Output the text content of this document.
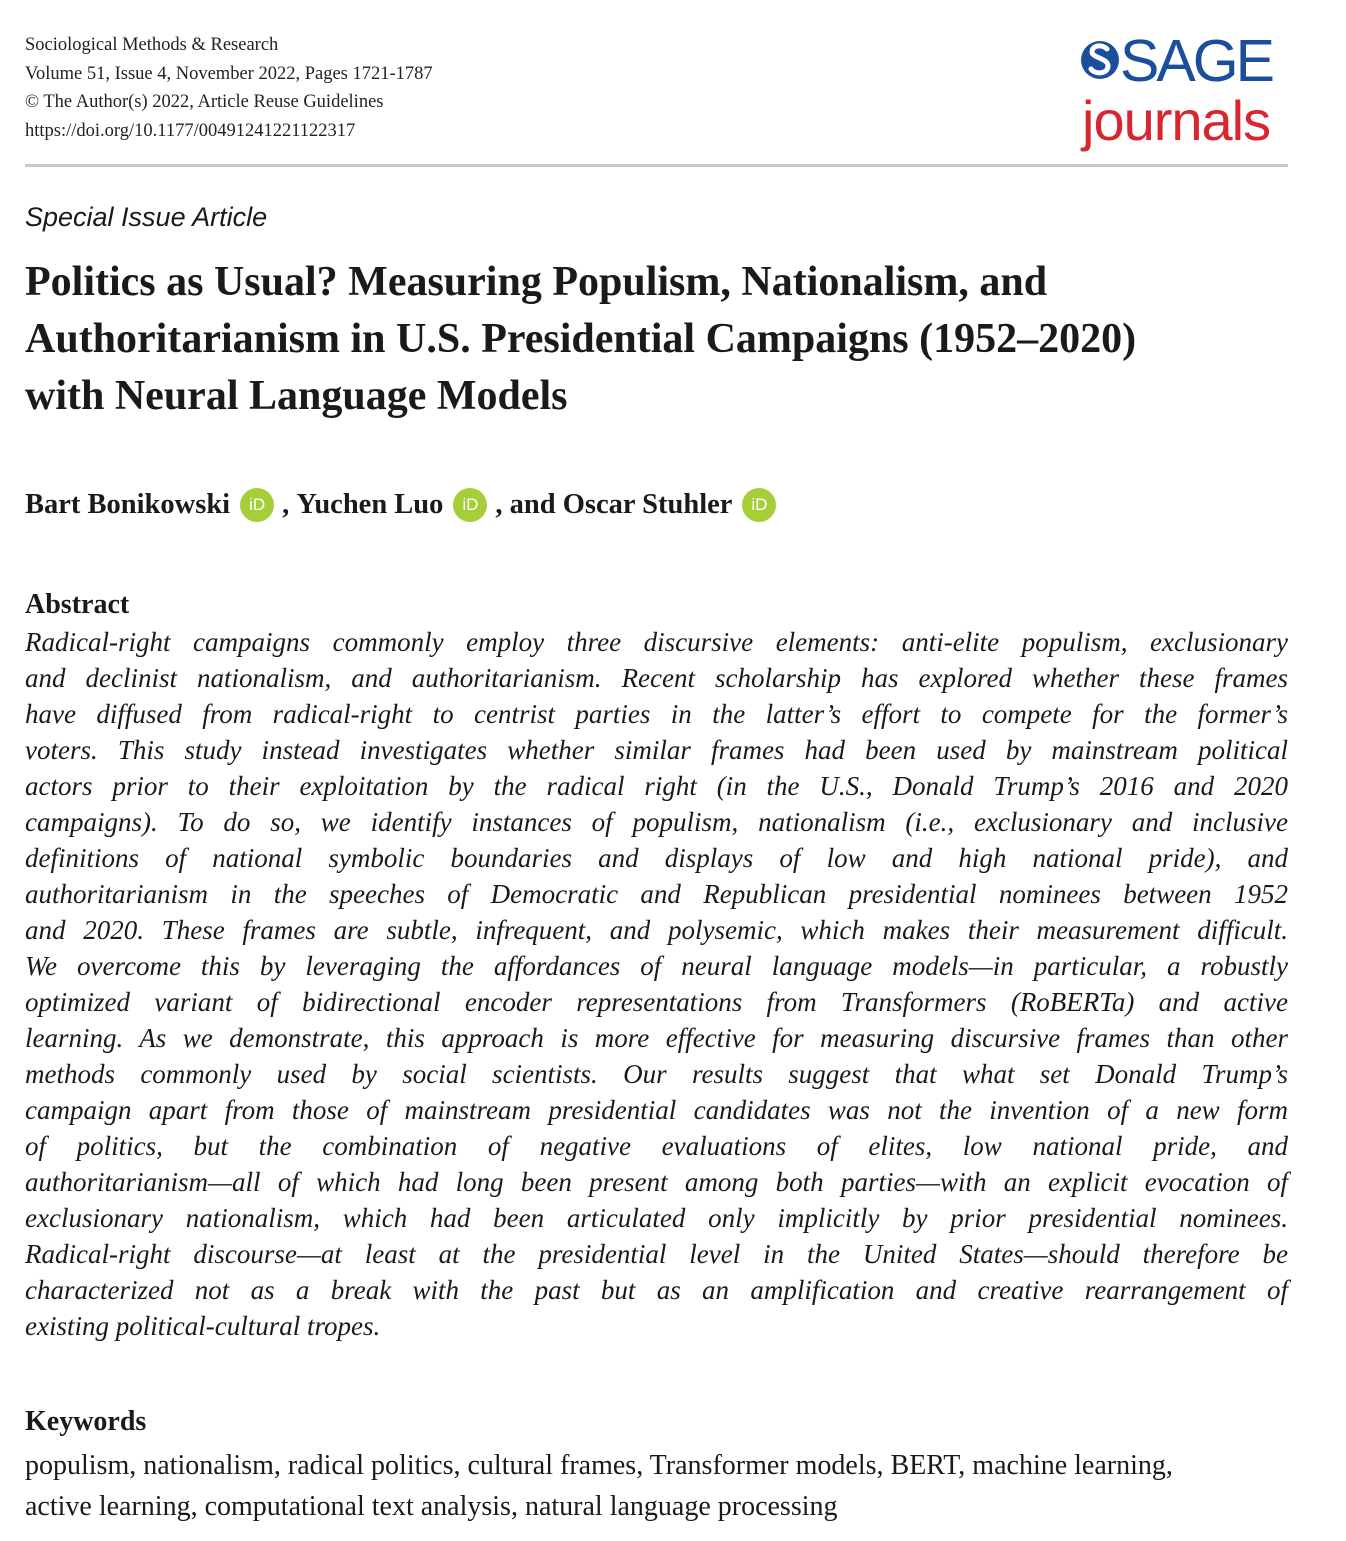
Sociological Methods & Research
Volume 51, Issue 4, November 2022, Pages 1721-1787
© The Author(s) 2022, Article Reuse Guidelines
https://doi.org/10.1177/00491241221122317
SAGE
journals
Special Issue Article
Politics as Usual? Measuring Populism, Nationalism, and
Authoritarianism in U.S. Presidential Campaigns (1952–2020)
with Neural Language Models
Bart Bonikowski	iD , Yuchen Luo	iD , and Oscar Stuhler	iD
Abstract
Radical-right campaigns commonly employ three discursive elements: anti-elite populism, exclusionary
and declinist nationalism, and authoritarianism. Recent scholarship has explored whether these frames
have diffused from radical-right to centrist parties in the latter’s effort to compete for the former’s
voters. This study instead investigates whether similar frames had been used by mainstream political
actors prior to their exploitation by the radical right (in the U.S., Donald Trump’s 2016 and 2020
campaigns). To do so, we identify instances of populism, nationalism (i.e., exclusionary and inclusive
definitions of national symbolic boundaries and displays of low and high national pride), and
authoritarianism in the speeches of Democratic and Republican presidential nominees between 1952
and 2020. These frames are subtle, infrequent, and polysemic, which makes their measurement difficult.
We overcome this by leveraging the affordances of neural language models—in particular, a robustly
optimized variant of bidirectional encoder representations from Transformers (RoBERTa) and active
learning. As we demonstrate, this approach is more effective for measuring discursive frames than other
methods commonly used by social scientists. Our results suggest that what set Donald Trump’s
campaign apart from those of mainstream presidential candidates was not the invention of a new form
of politics, but the combination of negative evaluations of elites, low national pride, and
authoritarianism—all of which had long been present among both parties—with an explicit evocation of
exclusionary nationalism, which had been articulated only implicitly by prior presidential nominees.
Radical-right discourse—at least at the presidential level in the United States—should therefore be
characterized not as a break with the past but as an amplification and creative rearrangement of
existing political-cultural tropes.
Keywords
populism, nationalism, radical politics, cultural frames, Transformer models, BERT, machine learning,
active learning, computational text analysis, natural language processing
